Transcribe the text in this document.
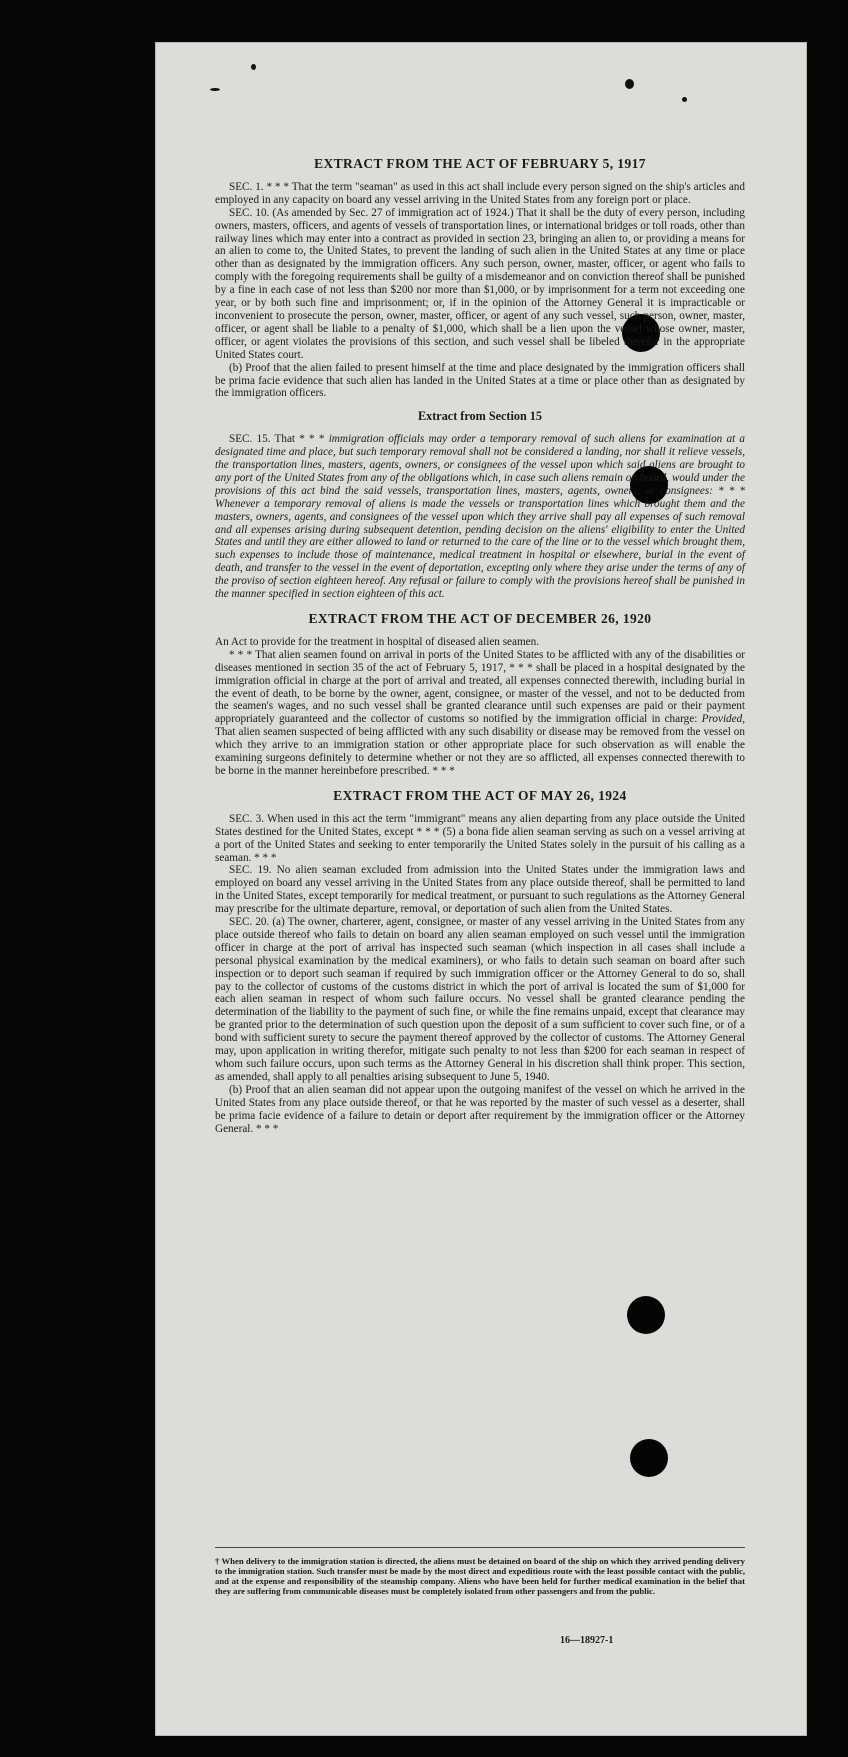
EXTRACT FROM THE ACT OF FEBRUARY 5, 1917

SEC. 1. * * * That the term "seaman" as used in this act shall include every person signed on the ship's articles and employed in any capacity on board any vessel arriving in the United States from any foreign port or place.

SEC. 10. (As amended by Sec. 27 of immigration act of 1924.) That it shall be the duty of every person, including owners, masters, officers, and agents of vessels of transportation lines, or international bridges or toll roads, other than railway lines which may enter into a contract as provided in section 23, bringing an alien to, or providing a means for an alien to come to, the United States, to prevent the landing of such alien in the United States at any time or place other than as designated by the immigration officers. Any such person, owner, master, officer, or agent who fails to comply with the foregoing requirements shall be guilty of a misdemeanor and on conviction thereof shall be punished by a fine in each case of not less than $200 nor more than $1,000, or by imprisonment for a term not exceeding one year, or by both such fine and imprisonment; or, if in the opinion of the Attorney General it is impracticable or inconvenient to prosecute the person, owner, master, officer, or agent of any such vessel, such person, owner, master, officer, or agent shall be liable to a penalty of $1,000, which shall be a lien upon the vessel whose owner, master, officer, or agent violates the provisions of this section, and such vessel shall be libeled therefor in the appropriate United States court.

(b) Proof that the alien failed to present himself at the time and place designated by the immigration officers shall be prima facie evidence that such alien has landed in the United States at a time or place other than as designated by the immigration officers.

Extract from Section 15

SEC. 15. That * * * immigration officials may order a temporary removal of such aliens for examination at a designated time and place, but such temporary removal shall not be considered a landing, nor shall it relieve vessels, the transportation lines, masters, agents, owners, or consignees of the vessel upon which said aliens are brought to any port of the United States from any of the obligations which, in case such aliens remain on board, would under the provisions of this act bind the said vessels, transportation lines, masters, agents, owners, or consignees: * * * Whenever a temporary removal of aliens is made the vessels or transportation lines which brought them and the masters, owners, agents, and consignees of the vessel upon which they arrive shall pay all expenses of such removal and all expenses arising during subsequent detention, pending decision on the aliens' eligibility to enter the United States and until they are either allowed to land or returned to the care of the line or to the vessel which brought them, such expenses to include those of maintenance, medical treatment in hospital or elsewhere, burial in the event of death, and transfer to the vessel in the event of deportation, excepting only where they arise under the terms of any of the proviso of section eighteen hereof. Any refusal or failure to comply with the provisions hereof shall be punished in the manner specified in section eighteen of this act.

EXTRACT FROM THE ACT OF DECEMBER 26, 1920

An Act to provide for the treatment in hospital of diseased alien seamen.

* * * That alien seamen found on arrival in ports of the United States to be afflicted with any of the disabilities or diseases mentioned in section 35 of the act of February 5, 1917, * * * shall be placed in a hospital designated by the immigration official in charge at the port of arrival and treated, all expenses connected therewith, including burial in the event of death, to be borne by the owner, agent, consignee, or master of the vessel, and not to be deducted from the seamen's wages, and no such vessel shall be granted clearance until such expenses are paid or their payment appropriately guaranteed and the collector of customs so notified by the immigration official in charge: Provided, That alien seamen suspected of being afflicted with any such disability or disease may be removed from the vessel on which they arrive to an immigration station or other appropriate place for such observation as will enable the examining surgeons definitely to determine whether or not they are so afflicted, all expenses connected therewith to be borne in the manner hereinbefore prescribed. * * *

EXTRACT FROM THE ACT OF MAY 26, 1924

SEC. 3. When used in this act the term "immigrant" means any alien departing from any place outside the United States destined for the United States, except * * * (5) a bona fide alien seaman serving as such on a vessel arriving at a port of the United States and seeking to enter temporarily the United States solely in the pursuit of his calling as a seaman. * * *

SEC. 19. No alien seaman excluded from admission into the United States under the immigration laws and employed on board any vessel arriving in the United States from any place outside thereof, shall be permitted to land in the United States, except temporarily for medical treatment, or pursuant to such regulations as the Attorney General may prescribe for the ultimate departure, removal, or deportation of such alien from the United States.

SEC. 20. (a) The owner, charterer, agent, consignee, or master of any vessel arriving in the United States from any place outside thereof who fails to detain on board any alien seaman employed on such vessel until the immigration officer in charge at the port of arrival has inspected such seaman (which inspection in all cases shall include a personal physical examination by the medical examiners), or who fails to detain such seaman on board after such inspection or to deport such seaman if required by such immigration officer or the Attorney General to do so, shall pay to the collector of customs of the customs district in which the port of arrival is located the sum of $1,000 for each alien seaman in respect of whom such failure occurs. No vessel shall be granted clearance pending the determination of the liability to the payment of such fine, or while the fine remains unpaid, except that clearance may be granted prior to the determination of such question upon the deposit of a sum sufficient to cover such fine, or of a bond with sufficient surety to secure the payment thereof approved by the collector of customs. The Attorney General may, upon application in writing therefor, mitigate such penalty to not less than $200 for each seaman in respect of whom such failure occurs, upon such terms as the Attorney General in his discretion shall think proper. This section, as amended, shall apply to all penalties arising subsequent to June 5, 1940.

(b) Proof that an alien seaman did not appear upon the outgoing manifest of the vessel on which he arrived in the United States from any place outside thereof, or that he was reported by the master of such vessel as a deserter, shall be prima facie evidence of a failure to detain or deport after requirement by the immigration officer or the Attorney General. * * *

† When delivery to the immigration station is directed, the aliens must be detained on board of the ship on which they arrived pending delivery to the immigration station. Such transfer must be made by the most direct and expeditious route with the least possible contact with the public, and at the expense and responsibility of the steamship company. Aliens who have been held for further medical examination in the belief that they are suffering from communicable diseases must be completely isolated from other passengers and from the public.
16—18927-1
